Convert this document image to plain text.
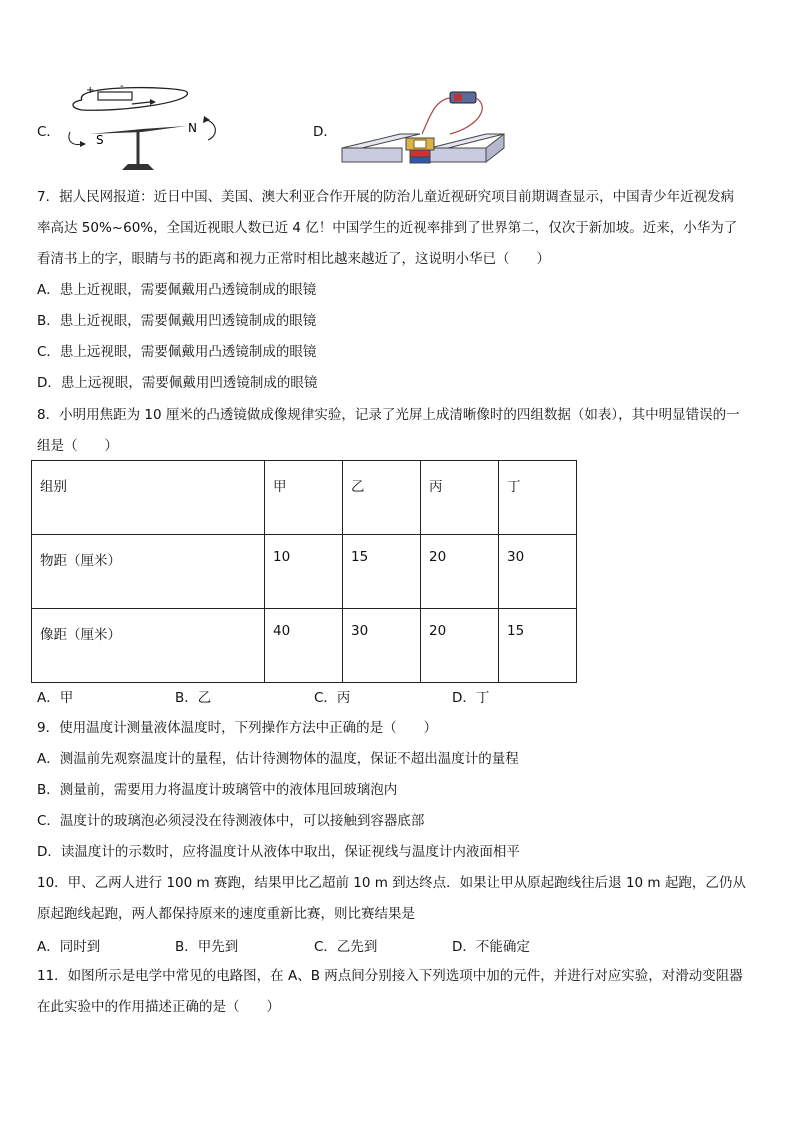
C．
+	-
S
N	D．
7．据人民网报道：近日中国、美国、澳大利亚合作开展的防治儿童近视研究项目前期调查显示，中国青少年近视发病
率高达 50%~60%，全国近视眼人数已近 4 亿！中国学生的近视率排到了世界第二，仅次于新加坡。近来，小华为了
看清书上的字，眼睛与书的距离和视力正常时相比越来越近了，这说明小华已（　　）
A．患上近视眼，需要佩戴用凸透镜制成的眼镜
B．患上近视眼，需要佩戴用凹透镜制成的眼镜
C．患上远视眼，需要佩戴用凸透镜制成的眼镜
D．患上远视眼，需要佩戴用凹透镜制成的眼镜
8．小明用焦距为 10 厘米的凸透镜做成像规律实验，记录了光屏上成清晰像时的四组数据（如表），其中明显错误的一
组是（　　）
组别	甲	乙	丙	丁
物距（厘米）	10	15	20	30
像距（厘米）	40	30	20	15
A．甲	B．乙	C．丙	D．丁
9．使用温度计测量液体温度时，下列操作方法中正确的是（　　）
A．测温前先观察温度计的量程，估计待测物体的温度，保证不超出温度计的量程
B．测量前，需要用力将温度计玻璃管中的液体甩回玻璃泡内
C．温度计的玻璃泡必须浸没在待测液体中，可以接触到容器底部
D．读温度计的示数时，应将温度计从液体中取出，保证视线与温度计内液面相平
10．甲、乙两人进行 100 m 赛跑，结果甲比乙超前 10 m 到达终点．如果让甲从原起跑线往后退 10 m 起跑，乙仍从
原起跑线起跑，两人都保持原来的速度重新比赛，则比赛结果是
A．同时到	B．甲先到	C．乙先到	D．不能确定
11．如图所示是电学中常见的电路图，在 A、B 两点间分别接入下列选项中加的元件，并进行对应实验，对滑动变阻器
在此实验中的作用描述正确的是（　　）
